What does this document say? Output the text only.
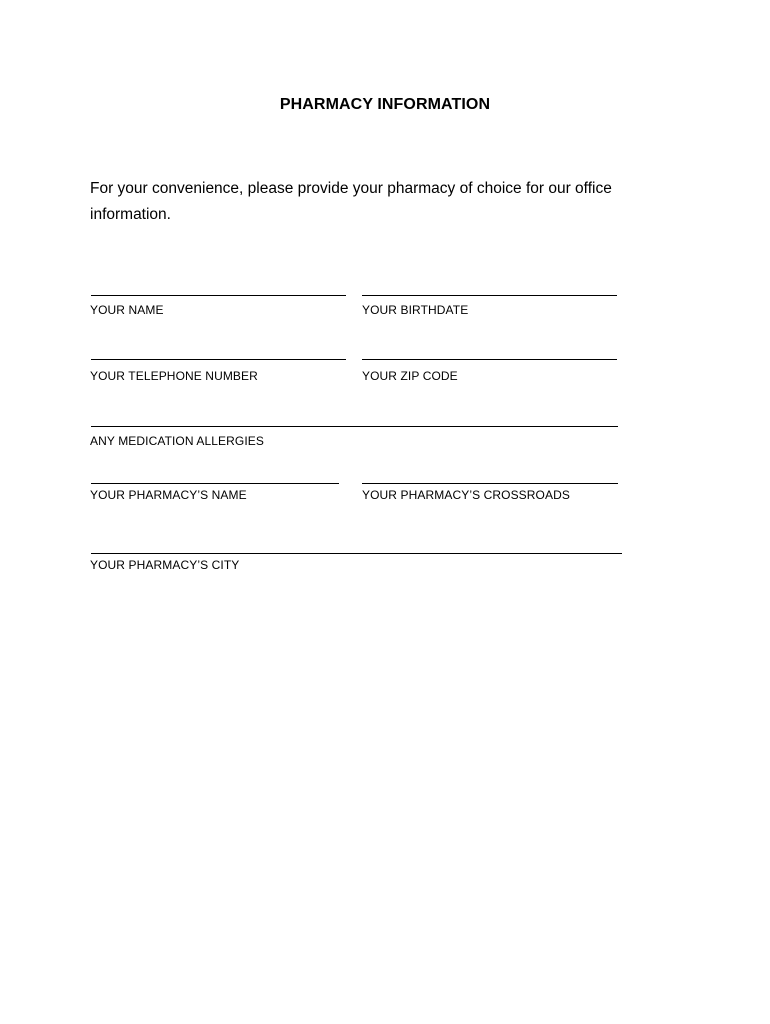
PHARMACY INFORMATION
For your convenience, please provide your pharmacy of choice for our office information.
YOUR NAME	YOUR BIRTHDATE
YOUR TELEPHONE NUMBER	YOUR ZIP CODE
ANY MEDICATION ALLERGIES
YOUR PHARMACY’S NAME	YOUR PHARMACY’S CROSSROADS
YOUR PHARMACY’S CITY
